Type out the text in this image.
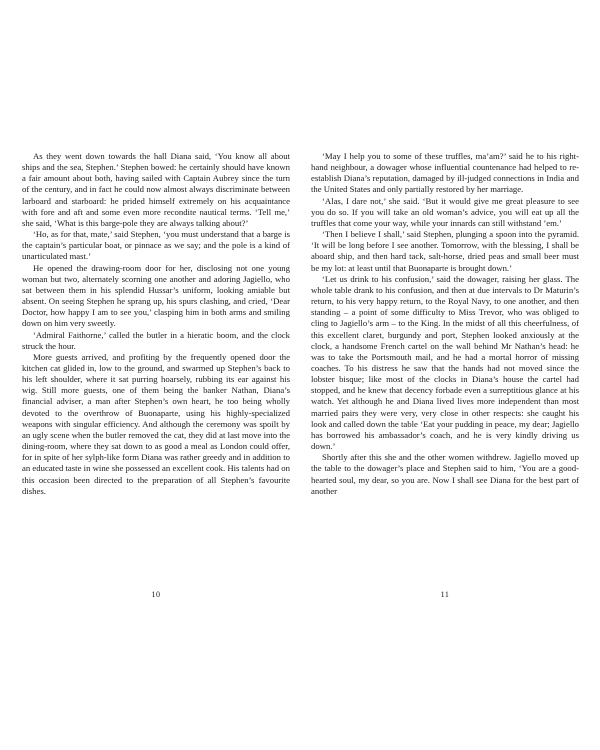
As they went down towards the hall Diana said, ‘You know all about ships and the sea, Stephen.’ Stephen bowed: he certainly should have known a fair amount about both, having sailed with Captain Aubrey since the turn of the century, and in fact he could now almost always discriminate between larboard and starboard: he prided himself extremely on his acquaintance with fore and aft and some even more recondite nautical terms. ‘Tell me,’ she said, ‘What is this barge-pole they are always talking about?’

‘Ho, as for that, mate,’ said Stephen, ‘you must understand that a barge is the captain’s particular boat, or pinnace as we say; and the pole is a kind of unarticulated mast.’

He opened the drawing-room door for her, disclosing not one young woman but two, alternately scorning one another and adoring Jagiello, who sat between them in his splendid Hussar’s uniform, looking amiable but absent. On seeing Stephen he sprang up, his spurs clashing, and cried, ‘Dear Doctor, how happy I am to see you,’ clasping him in both arms and smiling down on him very sweetly.

‘Admiral Faithorne,’ called the butler in a hieratic boom, and the clock struck the hour.

More guests arrived, and profiting by the frequently opened door the kitchen cat glided in, low to the ground, and swarmed up Stephen’s back to his left shoulder, where it sat purring hoarsely, rubbing its ear against his wig. Still more guests, one of them being the banker Nathan, Diana’s financial adviser, a man after Stephen’s own heart, he too being wholly devoted to the overthrow of Buonaparte, using his highly-specialized weapons with singular efficiency. And although the ceremony was spoilt by an ugly scene when the butler removed the cat, they did at last move into the dining-room, where they sat down to as good a meal as London could offer, for in spite of her sylph-like form Diana was rather greedy and in addition to an educated taste in wine she possessed an excellent cook. His talents had on this occasion been directed to the preparation of all Stephen’s favourite dishes.

10

‘May I help you to some of these truffles, ma’am?’ said he to his right-hand neighbour, a dowager whose influential countenance had helped to re-establish Diana’s reputation, damaged by ill-judged connections in India and the United States and only partially restored by her marriage.

‘Alas, I dare not,’ she said. ‘But it would give me great pleasure to see you do so. If you will take an old woman’s advice, you will eat up all the truffles that come your way, while your innards can still withstand ’em.’

‘Then I believe I shall,’ said Stephen, plunging a spoon into the pyramid. ‘It will be long before I see another. Tomorrow, with the blessing, I shall be aboard ship, and then hard tack, salt-horse, dried peas and small beer must be my lot: at least until that Buonaparte is brought down.’

‘Let us drink to his confusion,’ said the dowager, raising her glass. The whole table drank to his confusion, and then at due intervals to Dr Maturin’s return, to his very happy return, to the Royal Navy, to one another, and then standing – a point of some difficulty to Miss Trevor, who was obliged to cling to Jagiello’s arm – to the King. In the midst of all this cheerfulness, of this excellent claret, burgundy and port, Stephen looked anxiously at the clock, a handsome French cartel on the wall behind Mr Nathan’s head: he was to take the Portsmouth mail, and he had a mortal horror of missing coaches. To his distress he saw that the hands had not moved since the lobster bisque; like most of the clocks in Diana’s house the cartel had stopped, and he knew that decency forbade even a surreptitious glance at his watch. Yet although he and Diana lived lives more independent than most married pairs they were very, very close in other respects: she caught his look and called down the table ‘Eat your pudding in peace, my dear; Jagiello has borrowed his ambassador’s coach, and he is very kindly driving us down.’

Shortly after this she and the other women withdrew. Jagiello moved up the table to the dowager’s place and Stephen said to him, ‘You are a good-hearted soul, my dear, so you are. Now I shall see Diana for the best part of another

11
